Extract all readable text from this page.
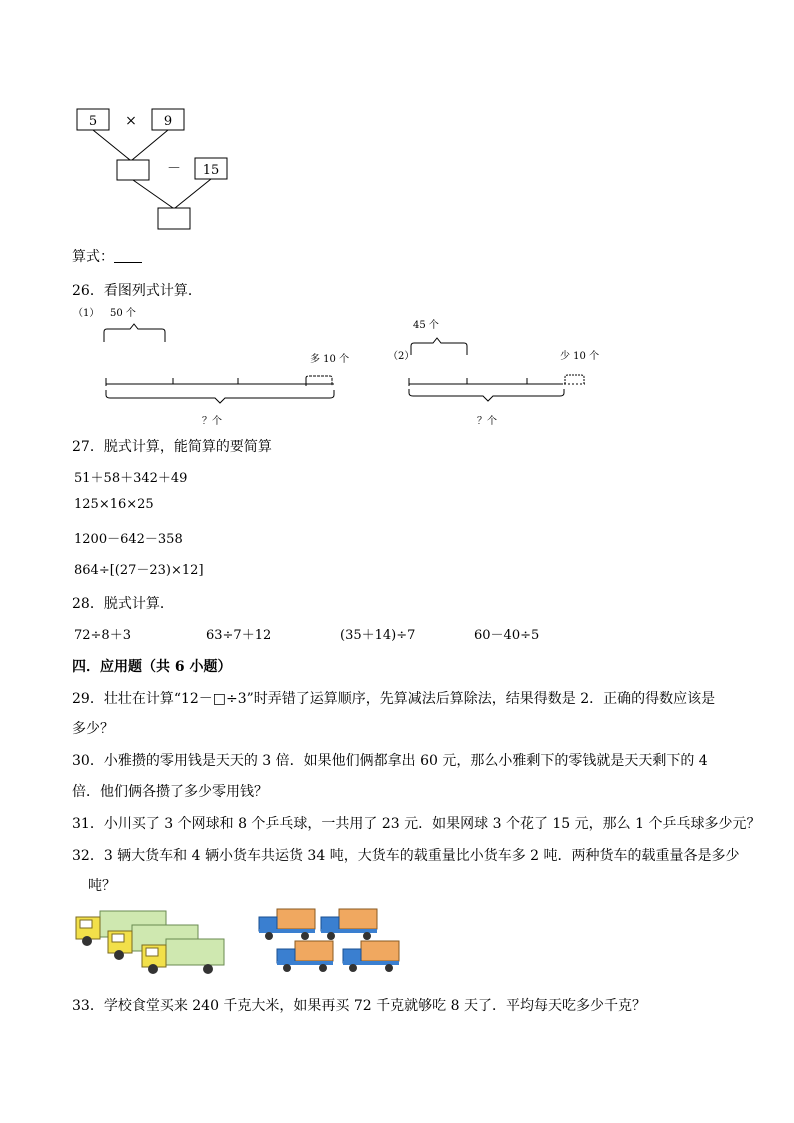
5 × 9
－ 15
算式：
26．看图列式计算．
（1） 50 个
多 10 个
？个
45 个
（2）	少 10 个
？个
27．脱式计算，能简算的要简算
51＋58＋342＋49
125×16×25
1200－642－358
864÷[(27－23)×12]
28．脱式计算．
72÷8＋3	63÷7＋12	(35＋14)÷7	60－40÷5
四．应用题（共 6 小题）
29．壮壮在计算“12－□÷3”时弄错了运算顺序，先算减法后算除法，结果得数是 2．正确的得数应该是
多少？
30．小雅攒的零用钱是天天的 3 倍．如果他们俩都拿出 60 元，那么小雅剩下的零钱就是天天剩下的 4
倍．他们俩各攒了多少零用钱？
31．小川买了 3 个网球和 8 个乒乓球，一共用了 23 元．如果网球 3 个花了 15 元，那么 1 个乒乓球多少元？
32．3 辆大货车和 4 辆小货车共运货 34 吨，大货车的载重量比小货车多 2 吨．两种货车的载重量各是多少
吨？
33．学校食堂买来 240 千克大米，如果再买 72 千克就够吃 8 天了．平均每天吃多少千克？
